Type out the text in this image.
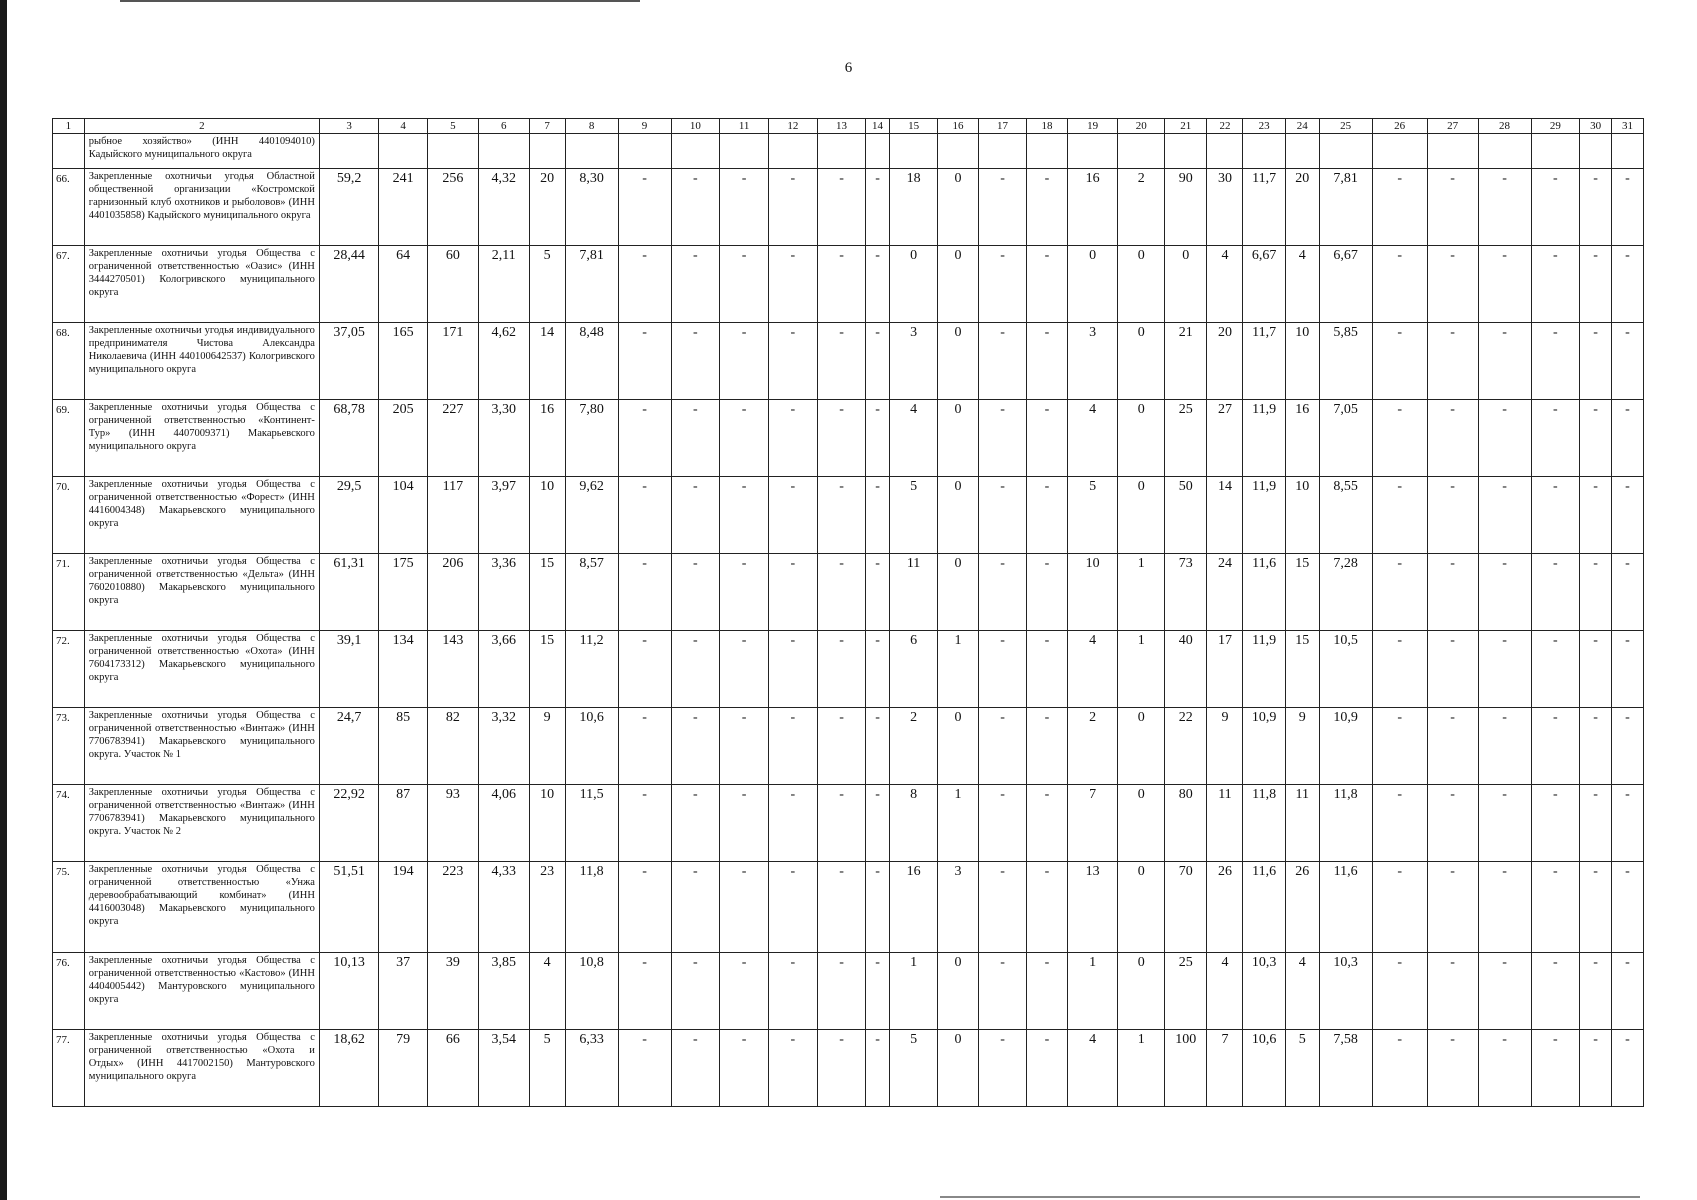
6
1	2	3	4	5	6	7	8	9	10	11	12	13	14	15	16	17	18	19	20	21	22	23	24	25	26	27	28	29	30	31
	рыбное хозяйство» (ИНН 4401094010) Кадыйского муниципального округа																													
66.	Закрепленные охотничьи угодья Областной общественной организации «Костромской гарнизонный клуб охотников и рыболовов» (ИНН 4401035858) Кадыйского муниципального округа	59,2	241	256	4,32	20	8,30	-	-	-	-	-	-	18	0	-	-	16	2	90	30	11,7	20	7,81	-	-	-	-	-	-
67.	Закрепленные охотничьи угодья Общества с ограниченной ответственностью «Оазис» (ИНН 3444270501) Кологривского муниципального округа	28,44	64	60	2,11	5	7,81	-	-	-	-	-	-	0	0	-	-	0	0	0	4	6,67	4	6,67	-	-	-	-	-	-
68.	Закрепленные охотничьи угодья индивидуального предпринимателя Чистова Александра Николаевича (ИНН 440100642537) Кологривского муниципального округа	37,05	165	171	4,62	14	8,48	-	-	-	-	-	-	3	0	-	-	3	0	21	20	11,7	10	5,85	-	-	-	-	-	-
69.	Закрепленные охотничьи угодья Общества с ограниченной ответственностью «Континент-Тур» (ИНН 4407009371) Макарьевского муниципального округа	68,78	205	227	3,30	16	7,80	-	-	-	-	-	-	4	0	-	-	4	0	25	27	11,9	16	7,05	-	-	-	-	-	-
70.	Закрепленные охотничьи угодья Общества с ограниченной ответственностью «Форест» (ИНН 4416004348) Макарьевского муниципального округа	29,5	104	117	3,97	10	9,62	-	-	-	-	-	-	5	0	-	-	5	0	50	14	11,9	10	8,55	-	-	-	-	-	-
71.	Закрепленные охотничьи угодья Общества с ограниченной ответственностью «Дельта» (ИНН 7602010880) Макарьевского муниципального округа	61,31	175	206	3,36	15	8,57	-	-	-	-	-	-	11	0	-	-	10	1	73	24	11,6	15	7,28	-	-	-	-	-	-
72.	Закрепленные охотничьи угодья Общества с ограниченной ответственностью «Охота» (ИНН 7604173312) Макарьевского муниципального округа	39,1	134	143	3,66	15	11,2	-	-	-	-	-	-	6	1	-	-	4	1	40	17	11,9	15	10,5	-	-	-	-	-	-
73.	Закрепленные охотничьи угодья Общества с ограниченной ответственностью «Винтаж» (ИНН 7706783941) Макарьевского муниципального округа. Участок № 1	24,7	85	82	3,32	9	10,6	-	-	-	-	-	-	2	0	-	-	2	0	22	9	10,9	9	10,9	-	-	-	-	-	-
74.	Закрепленные охотничьи угодья Общества с ограниченной ответственностью «Винтаж» (ИНН 7706783941) Макарьевского муниципального округа. Участок № 2	22,92	87	93	4,06	10	11,5	-	-	-	-	-	-	8	1	-	-	7	0	80	11	11,8	11	11,8	-	-	-	-	-	-
75.	Закрепленные охотничьи угодья Общества с ограниченной ответственностью «Унжа деревообрабатывающий комбинат» (ИНН 4416003048) Макарьевского муниципального округа	51,51	194	223	4,33	23	11,8	-	-	-	-	-	-	16	3	-	-	13	0	70	26	11,6	26	11,6	-	-	-	-	-	-
76.	Закрепленные охотничьи угодья Общества с ограниченной ответственностью «Кастово» (ИНН 4404005442) Мантуровского муниципального округа	10,13	37	39	3,85	4	10,8	-	-	-	-	-	-	1	0	-	-	1	0	25	4	10,3	4	10,3	-	-	-	-	-	-
77.	Закрепленные охотничьи угодья Общества с ограниченной ответственностью «Охота и Отдых» (ИНН 4417002150) Мантуровского муниципального округа	18,62	79	66	3,54	5	6,33	-	-	-	-	-	-	5	0	-	-	4	1	100	7	10,6	5	7,58	-	-	-	-	-	-
